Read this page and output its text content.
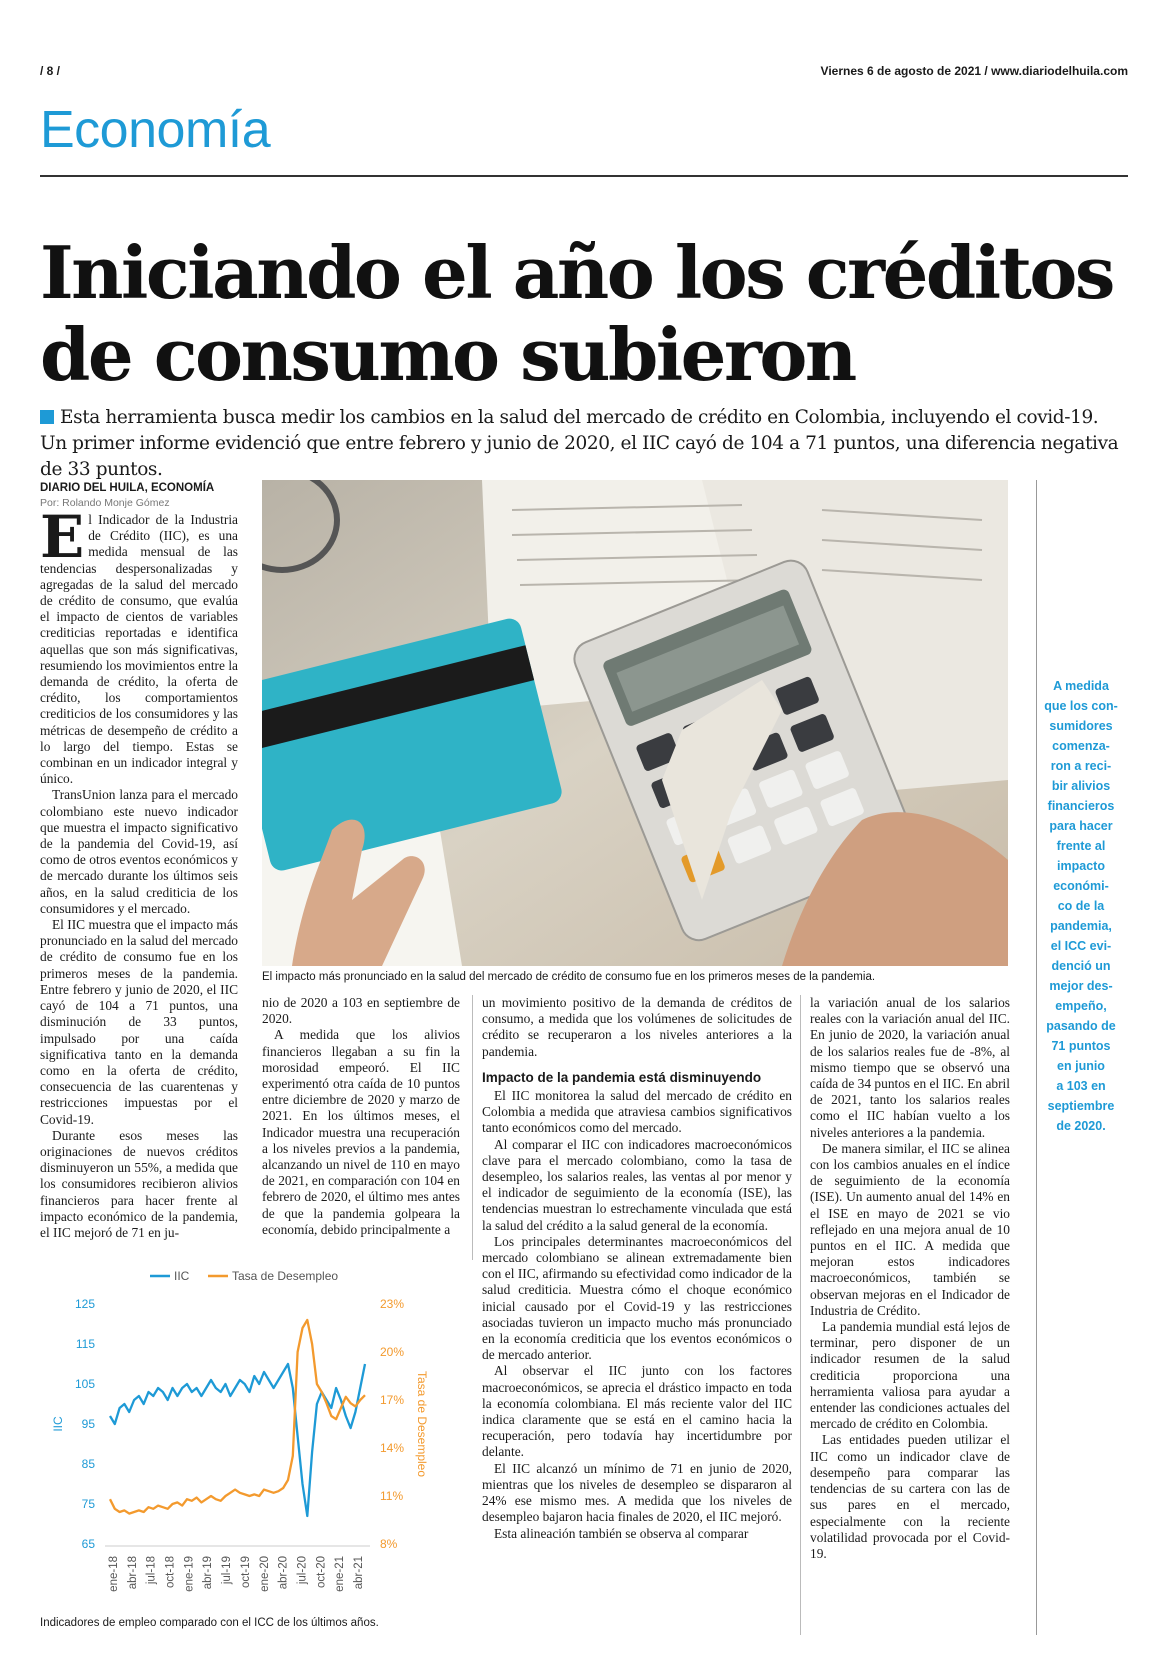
/ 8 /	Viernes 6 de agosto de 2021 / www.diariodelhuila.com
Economía
Iniciando el año los créditos
de consumo subieron
Esta herramienta busca medir los cambios en la salud del mercado de crédito en Colombia, incluyendo el covid-19. Un primer informe evidenció que entre febrero y junio de 2020, el IIC cayó de 104 a 71 puntos, una diferencia negativa de 33 puntos.
DIARIO DEL HUILA, ECONOMÍA
Por: Rolando Monje Gómez

El Indicador de la Industria de Crédito (IIC), es una medida mensual de las tendencias despersonalizadas y agregadas de la salud del mercado de crédito de consumo, que evalúa el impacto de cientos de variables crediticias reportadas e identifica aquellas que son más significativas, resumiendo los movimientos entre la demanda de crédito, la oferta de crédito, los comportamientos crediticios de los consumidores y las métricas de desempeño de crédito a lo largo del tiempo. Estas se combinan en un indicador integral y único.

TransUnion lanza para el mercado colombiano este nuevo indicador que muestra el impacto significativo de la pandemia del Covid-19, así como de otros eventos económicos y de mercado durante los últimos seis años, en la salud crediticia de los consumidores y el mercado.

El IIC muestra que el impacto más pronunciado en la salud del mercado de crédito de consumo fue en los primeros meses de la pandemia. Entre febrero y junio de 2020, el IIC cayó de 104 a 71 puntos, una disminución de 33 puntos, impulsado por una caída significativa tanto en la demanda como en la oferta de crédito, consecuencia de las cuarentenas y restricciones impuestas por el Covid-19.

Durante esos meses las originaciones de nuevos créditos disminuyeron un 55%, a medida que los consumidores recibieron alivios financieros para hacer frente al impacto económico de la pandemia, el IIC mejoró de 71 en ju-

El impacto más pronunciado en la salud del mercado de crédito de consumo fue en los primeros meses de la pandemia.

nio de 2020 a 103 en septiembre de 2020.

A medida que los alivios financieros llegaban a su fin la morosidad empeoró. El IIC experimentó otra caída de 10 puntos entre diciembre de 2020 y marzo de 2021. En los últimos meses, el Indicador muestra una recuperación a los niveles previos a la pandemia, alcanzando un nivel de 110 en mayo de 2021, en comparación con 104 en febrero de 2020, el último mes antes de que la pandemia golpeara la economía, debido principalmente a

un movimiento positivo de la demanda de créditos de consumo, a medida que los volúmenes de solicitudes de crédito se recuperaron a los niveles anteriores a la pandemia.

Impacto de la pandemia está disminuyendo

El IIC monitorea la salud del mercado de crédito en Colombia a medida que atraviesa cambios significativos tanto económicos como del mercado.

Al comparar el IIC con indicadores macroeconómicos clave para el mercado colombiano, como la tasa de desempleo, los salarios reales, las ventas al por menor y el indicador de seguimiento de la economía (ISE), las tendencias muestran lo estrechamente vinculada que está la salud del crédito a la salud general de la economía.

Los principales determinantes macroeconómicos del mercado colombiano se alinean extremadamente bien con el IIC, afirmando su efectividad como indicador de la salud crediticia. Muestra cómo el choque económico inicial causado por el Covid-19 y las restricciones asociadas tuvieron un impacto mucho más pronunciado en la economía crediticia que los eventos económicos o de mercado anterior.

Al observar el IIC junto con los factores macroeconómicos, se aprecia el drástico impacto en toda la economía colombiana. El más reciente valor del IIC indica claramente que se está en el camino hacia la recuperación, pero todavía hay incertidumbre por delante.

El IIC alcanzó un mínimo de 71 en junio de 2020, mientras que los niveles de desempleo se dispararon al 24% ese mismo mes. A medida que los niveles de desempleo bajaron hacia finales de 2020, el IIC mejoró.

Esta alineación también se observa al comparar

la variación anual de los salarios reales con la variación anual del IIC. En junio de 2020, la variación anual de los salarios reales fue de -8%, al mismo tiempo que se observó una caída de 34 puntos en el IIC. En abril de 2021, tanto los salarios reales como el IIC habían vuelto a los niveles anteriores a la pandemia.

De manera similar, el IIC se alinea con los cambios anuales en el índice de seguimiento de la economía (ISE). Un aumento anual del 14% en el ISE en mayo de 2021 se vio reflejado en una mejora anual de 10 puntos en el IIC. A medida que mejoran estos indicadores macroeconómicos, también se observan mejoras en el Indicador de Industria de Crédito.

La pandemia mundial está lejos de terminar, pero disponer de un indicador resumen de la salud crediticia proporciona una herramienta valiosa para ayudar a entender las condiciones actuales del mercado de crédito en Colombia.

Las entidades pueden utilizar el IIC como un indicador clave de desempeño para comparar las tendencias de su cartera con las de sus pares en el mercado, especialmente con la reciente volatilidad provocada por el Covid-19.

A medida
que los con-
sumidores
comenza-
ron a reci-
bir alivios
financieros
para hacer
frente al
impacto
económi-
co de la
pandemia,
el ICC evi-
denció un
mejor des-
empeño,
pasando de
71 puntos
en junio
a 103 en
septiembre
de 2020.
IIC	Tasa de Desempleo
125
115
105
95
85
75
65
23%
20%
17%
14%
11%
8%
IIC	Tasa de Desempleo
ene-18 abr-18 jul-18 oct-18 ene-19 abr-19 jul-19 oct-19 ene-20 abr-20 jul-20 oct-20 ene-21 abr-21
Indicadores de empleo comparado con el ICC de los últimos años.
